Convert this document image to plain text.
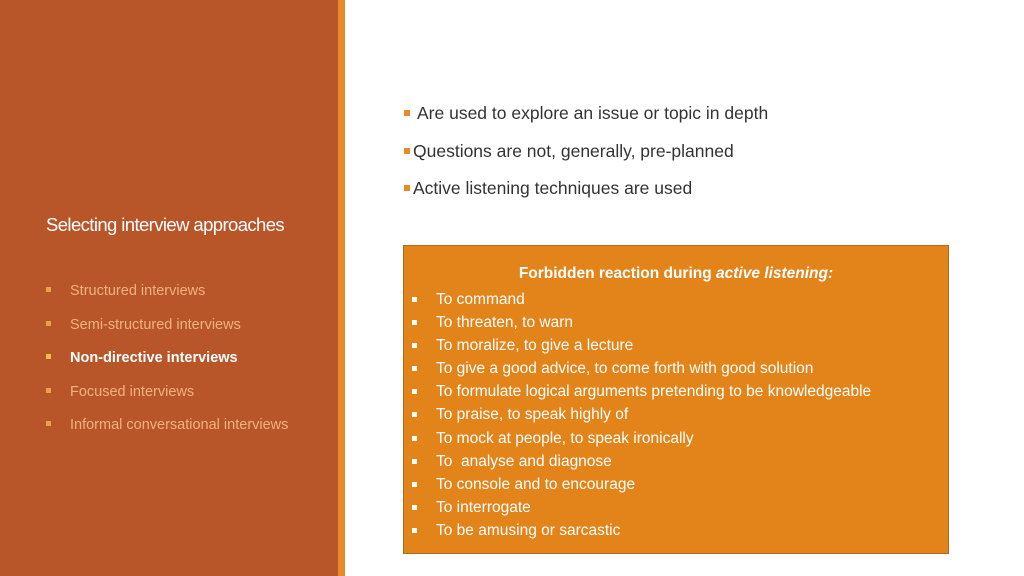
Selecting interview approaches
Structured interviews
Semi-structured interviews
Non-directive interviews
Focused interviews
Informal conversational interviews
Are used to explore an issue or topic in depth
Questions are not, generally, pre-planned
Active listening techniques are used
Forbidden reaction during active listening:
To command
To threaten, to warn
To moralize, to give a lecture
To give a good advice, to come forth with good solution
To formulate logical arguments pretending to be knowledgeable
To praise, to speak highly of
To mock at people, to speak ironically
To  analyse and diagnose
To console and to encourage
To interrogate
To be amusing or sarcastic
